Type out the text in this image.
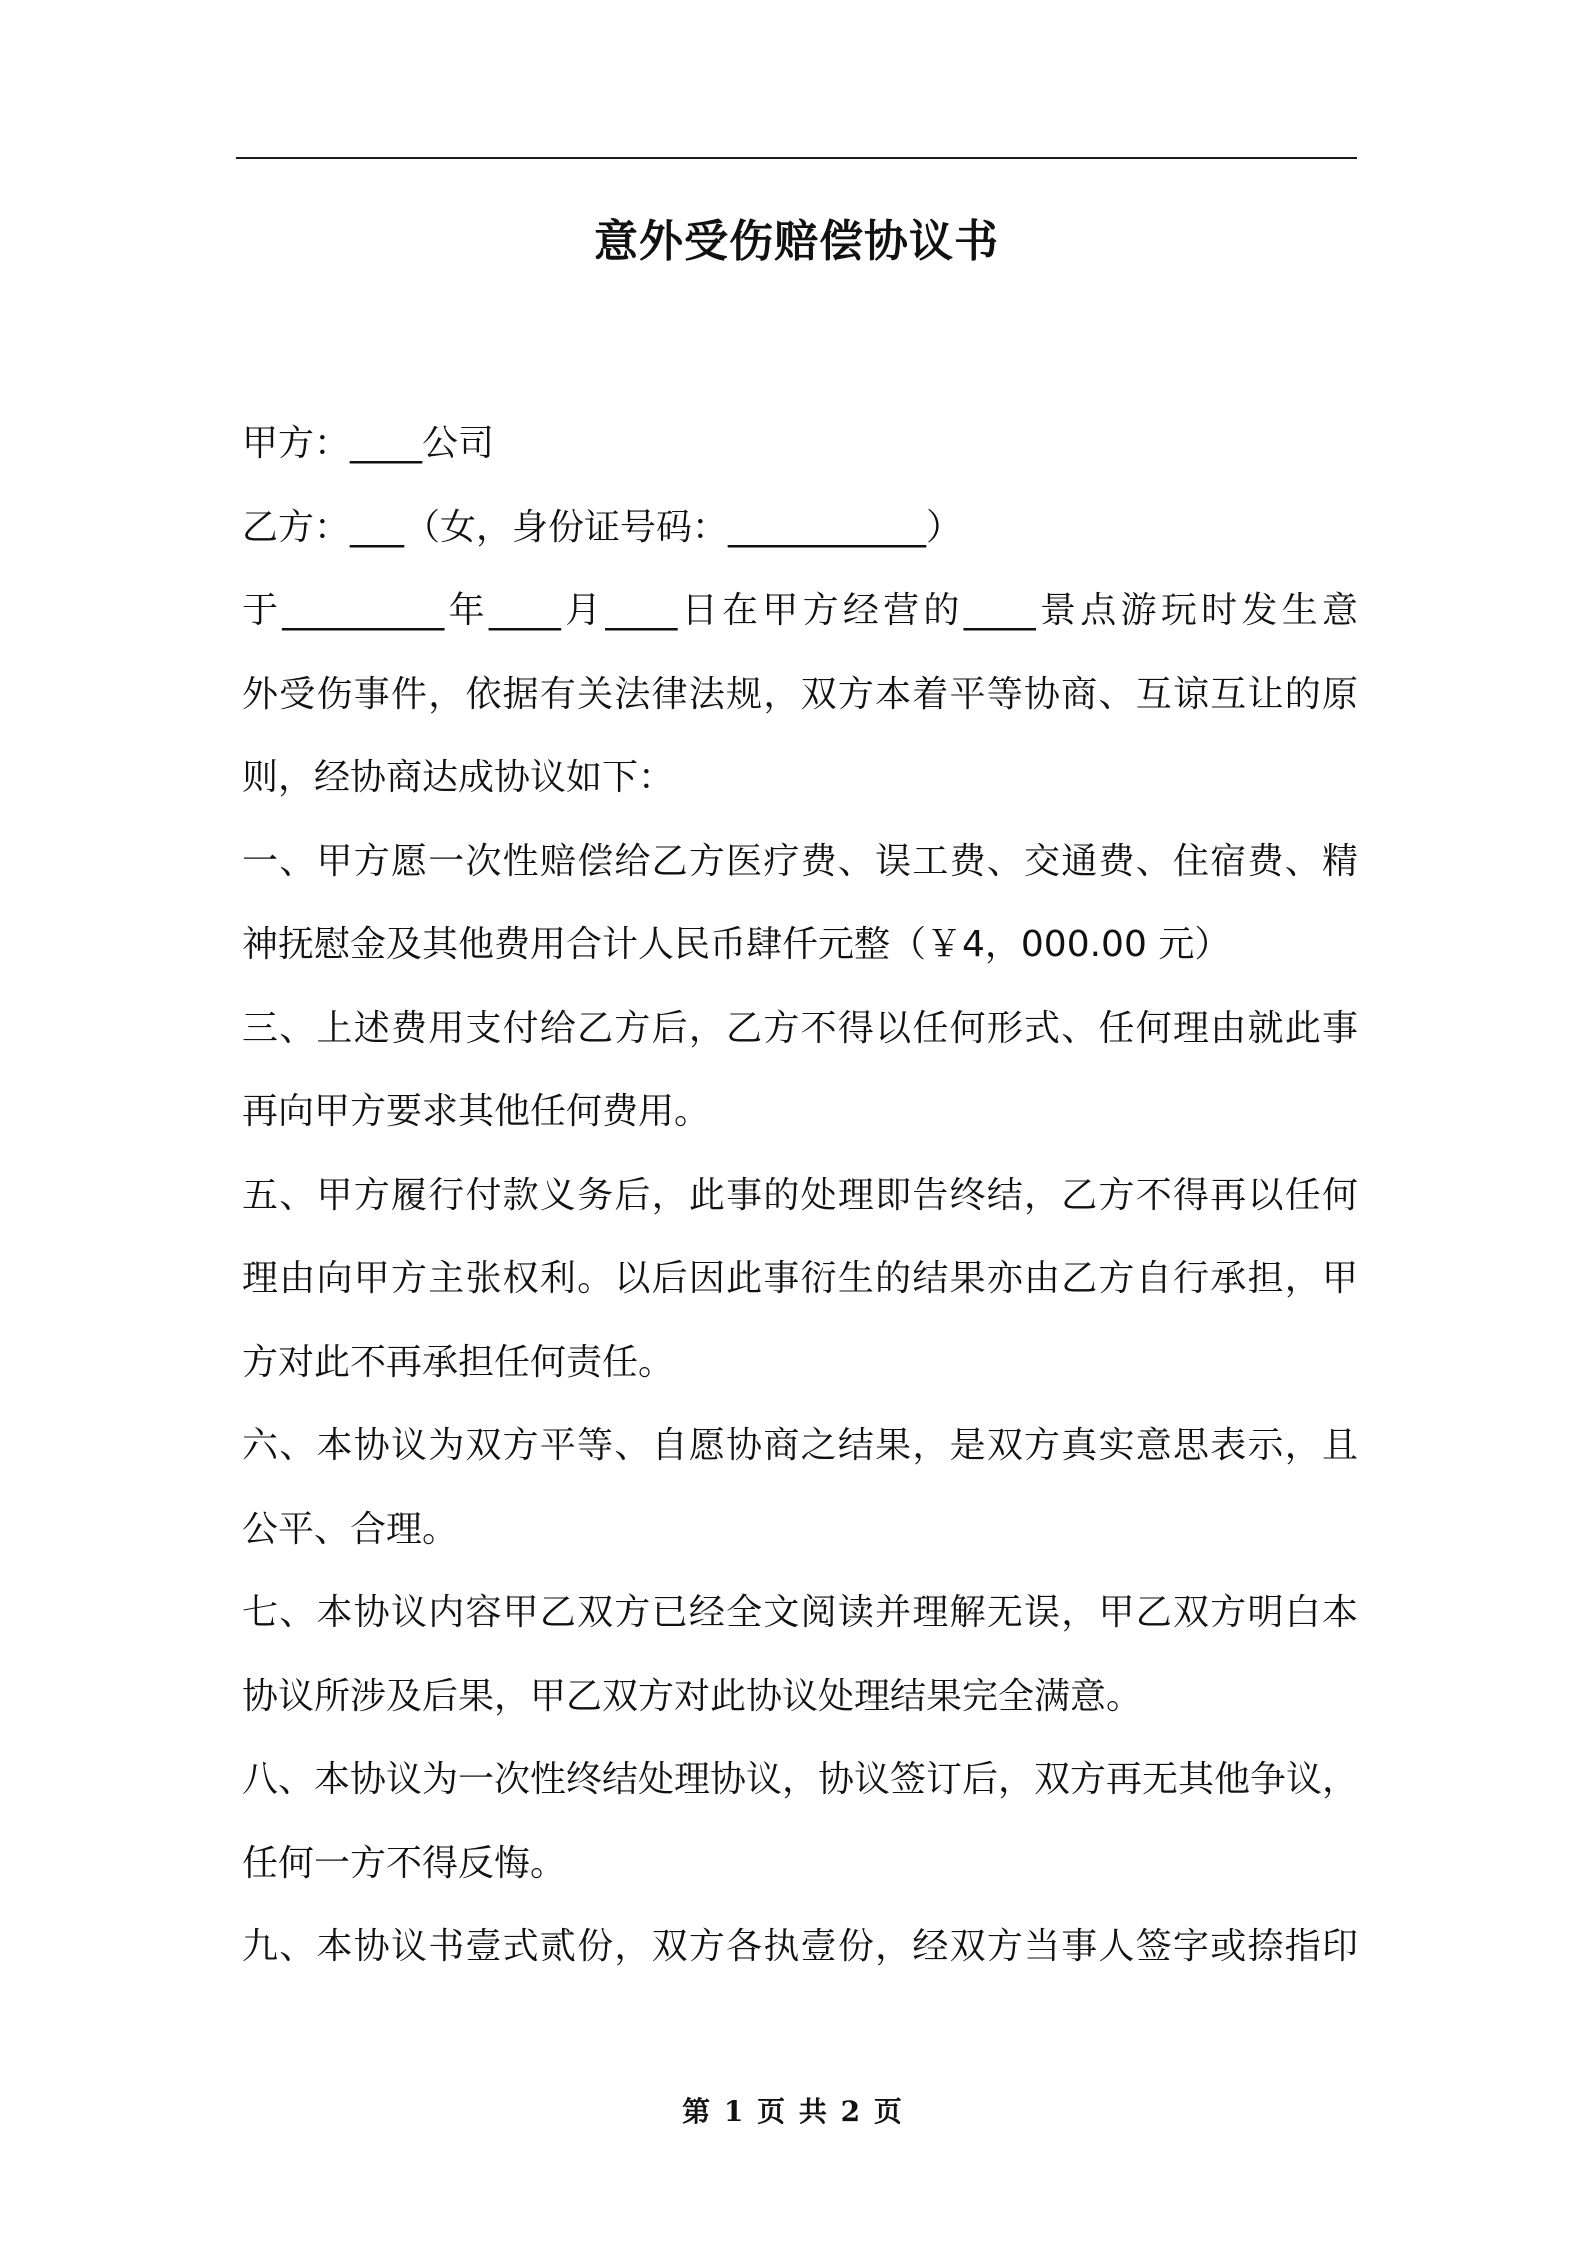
意外受伤赔偿协议书
甲方：____公司
乙方：___（女，身份证号码：___________）
于_________年____月____日在甲方经营的____景点游玩时发生意
外受伤事件，依据有关法律法规，双方本着平等协商、互谅互让的原
则，经协商达成协议如下：
一、甲方愿一次性赔偿给乙方医疗费、误工费、交通费、住宿费、精
神抚慰金及其他费用合计人民币肆仟元整（￥4，000.00 元）
三、上述费用支付给乙方后，乙方不得以任何形式、任何理由就此事
再向甲方要求其他任何费用。
五、甲方履行付款义务后，此事的处理即告终结，乙方不得再以任何
理由向甲方主张权利。以后因此事衍生的结果亦由乙方自行承担，甲
方对此不再承担任何责任。
六、本协议为双方平等、自愿协商之结果，是双方真实意思表示，且
公平、合理。
七、本协议内容甲乙双方已经全文阅读并理解无误，甲乙双方明白本
协议所涉及后果，甲乙双方对此协议处理结果完全满意。
八、本协议为一次性终结处理协议，协议签订后，双方再无其他争议，
任何一方不得反悔。
九、本协议书壹式贰份，双方各执壹份，经双方当事人签字或捺指印
第 1 页 共 2 页
